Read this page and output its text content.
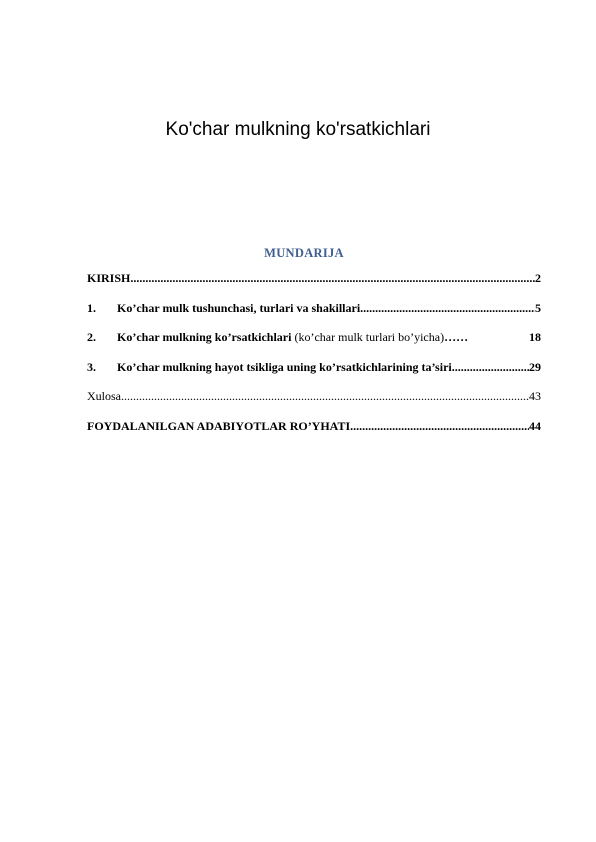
Ko'char mulkning ko'rsatkichlari
MUNDARIJA
KIRISH .....	2
1.	Ko’char mulk tushunchasi, turlari va shakillari .....	5
2.	Ko’char mulkning ko’rsatkichlari (ko’char mulk turlari bo’yicha) ……	18
3.	Ko’char mulkning hayot tsikliga uning ko’rsatkichlarining ta’siri .....	29
Xulosa .....	43
FOYDALANILGAN ADABIYOTLAR RO’YHATI .....	44
